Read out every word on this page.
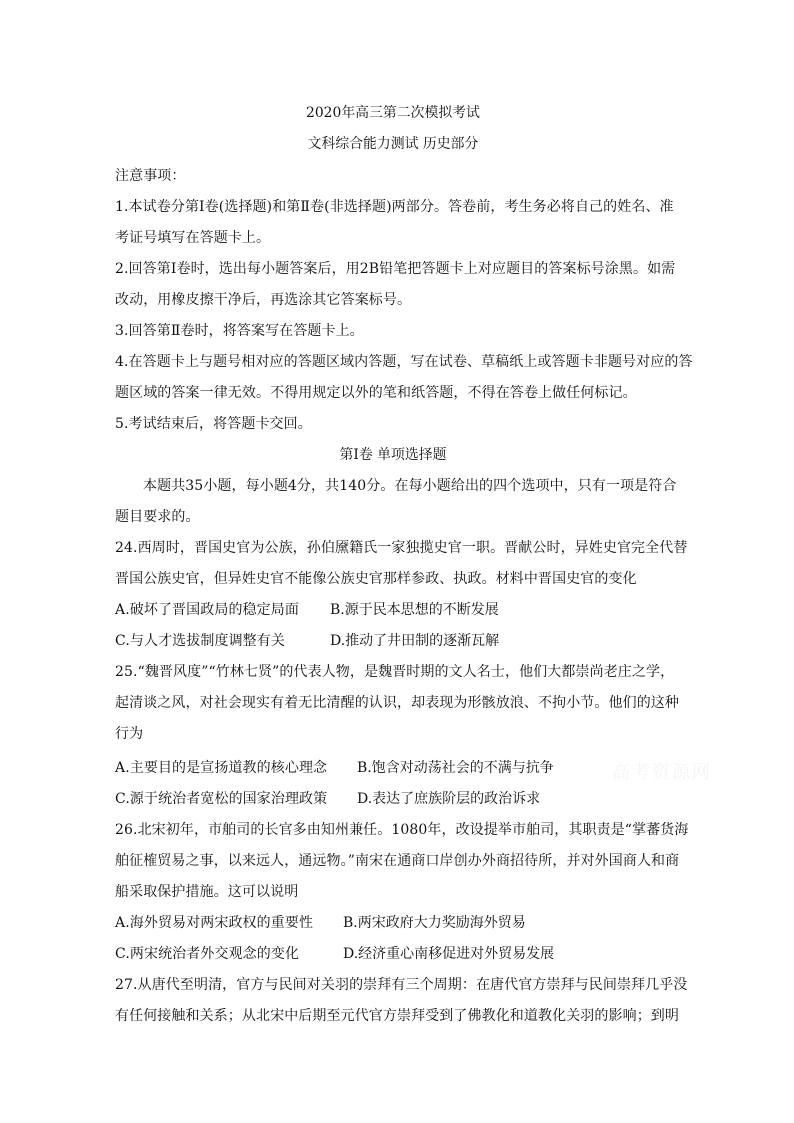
2020年高三第二次模拟考试
文科综合能力测试 历史部分
注意事项：
1.本试卷分第Ⅰ卷(选择题)和第Ⅱ卷(非选择题)两部分。答卷前，考生务必将自己的姓名、准
考证号填写在答题卡上。
2.回答第Ⅰ卷时，选出每小题答案后，用2B铅笔把答题卡上对应题目的答案标号涂黑。如需
改动，用橡皮擦干净后，再选涂其它答案标号。
3.回答第Ⅱ卷时，将答案写在答题卡上。
4.在答题卡上与题号相对应的答题区域内答题，写在试卷、草稿纸上或答题卡非题号对应的答
题区域的答案一律无效。不得用规定以外的笔和纸答题，不得在答卷上做任何标记。
5.考试结束后，将答题卡交回。
第Ⅰ卷 单项选择题
本题共35小题，每小题4分，共140分。在每小题给出的四个选项中，只有一项是符合
题目要求的。
24.西周时，晋国史官为公族，孙伯黡籍氏一家独揽史官一职。晋献公时，异姓史官完全代替
晋国公族史官，但异姓史官不能像公族史官那样参政、执政。材料中晋国史官的变化
A.破坏了晋国政局的稳定局面 B.源于民本思想的不断发展
C.与人才选拔制度调整有关	D.推动了井田制的逐渐瓦解
25.“魏晋风度”“竹林七贤”的代表人物，是魏晋时期的文人名士，他们大都崇尚老庄之学，
起清谈之风，对社会现实有着无比清醒的认识，却表现为形骸放浪、不拘小节。他们的这种
行为
A.主要目的是宣扬道教的核心理念 B.饱含对动荡社会的不满与抗争
C.源于统治者宽松的国家治理政策 D.表达了庶族阶层的政治诉求
26.北宋初年，市舶司的长官多由知州兼任。1080年，改设提举市舶司，其职责是“掌蕃货海
舶征榷贸易之事，以来远人，通远物。”南宋在通商口岸创办外商招待所，并对外国商人和商
船采取保护措施。这可以说明
A.海外贸易对两宋政权的重要性 B.两宋政府大力奖励海外贸易
C.两宋统治者外交观念的变化	D.经济重心南移促进对外贸易发展
27.从唐代至明清，官方与民间对关羽的崇拜有三个周期：在唐代官方崇拜与民间崇拜几乎没
有任何接触和关系；从北宋中后期至元代官方崇拜受到了佛教化和道教化关羽的影响；到明
高考资源网
